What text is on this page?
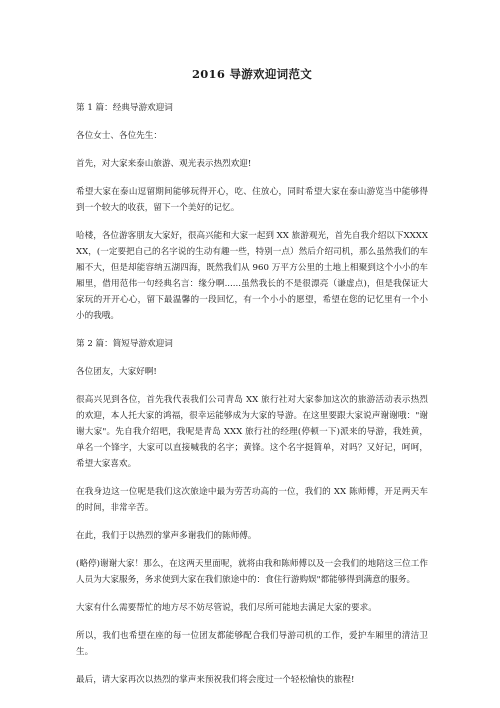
2016 导游欢迎词范文
第 1 篇：经典导游欢迎词
各位女士、各位先生：
首先，对大家来泰山旅游、观光表示热烈欢迎!
希望大家在泰山逗留期间能够玩得开心，吃、住放心，同时希望大家在泰山游览当中能够得到一个较大的收获，留下一个美好的记忆。
哈楼，各位游客朋友大家好，很高兴能和大家一起到 XX 旅游观光，首先自我介绍以下XXXXXX，(一定要把自己的名字说的生动有趣一些，特别一点）然后介绍司机，那么虽然我们的车厢不大，但是却能容纳五湖四海，既然我们从 960 万平方公里的土地上相聚到这个小小的车厢里，借用范伟一句经典名言：缘分啊......虽然我长的不是很漂亮（谦虚点)，但是我保证大家玩的开开心心，留下最温馨的一段回忆，有一个小小的愿望，希望在您的记忆里有一个小小的我哦。
第 2 篇：简短导游欢迎词
各位团友，大家好啊!
很高兴见到各位，首先我代表我们公司青岛 XX 旅行社对大家参加这次的旅游活动表示热烈的欢迎，本人托大家的鸿福，很幸运能够成为大家的导游。在这里要跟大家说声谢谢哦："谢谢大家"。先自我介绍吧，我呢是青岛 XXX 旅行社的经理(停顿一下)派来的导游，我姓黄，单名一个锋字，大家可以直接喊我的名字；黄锋。这个名字挺简单，对吗？又好记，呵呵，希望大家喜欢。
在我身边这一位呢是我们这次旅途中最为劳苦功高的一位，我们的 XX 陈师傅，开足两天车的时间，非常辛苦。
在此，我们于以热烈的掌声多谢我们的陈师傅。
(略停)谢谢大家！那么，在这两天里面呢，就将由我和陈师傅以及一会我们的地陪这三位工作人员为大家服务，务求使到大家在我们旅途中的：食住行游购娱"都能够得到满意的服务。
大家有什么需要帮忙的地方尽不妨尽管说，我们尽所可能地去满足大家的要求。
所以，我们也希望在座的每一位团友都能够配合我们导游司机的工作，爱护车厢里的清洁卫生。
最后，请大家再次以热烈的掌声来预祝我们将会度过一个轻松愉快的旅程!
